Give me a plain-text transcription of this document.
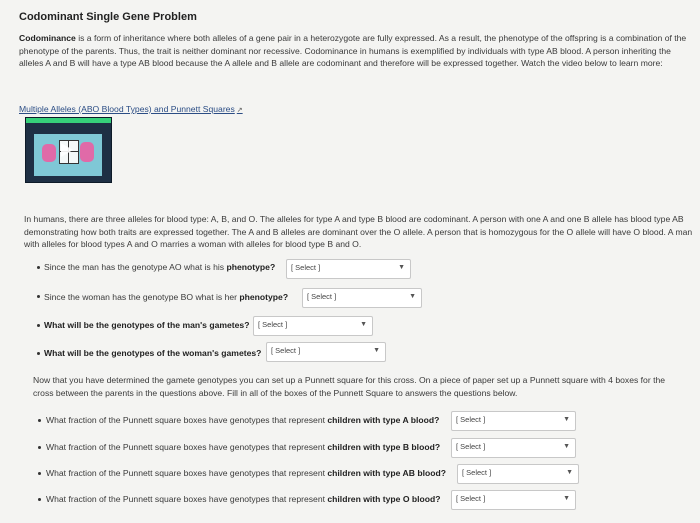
Codominant Single Gene Problem
Codominance is a form of inheritance where both alleles of a gene pair in a heterozygote are fully expressed. As a result, the phenotype of the offspring is a combination of the phenotype of the parents. Thus, the trait is neither dominant nor recessive. Codominance in humans is exemplified by individuals with type AB blood. A person inheriting the alleles A and B will have a type AB blood because the A allele and B allele are codominant and therefore will be expressed together. Watch the video below to learn more:
Multiple Alleles (ABO Blood Types) and Punnett Squares ↗
In humans, there are three alleles for blood type: A, B, and O. The alleles for type A and type B blood are codominant. A person with one A and one B allele has blood type AB demonstrating how both traits are expressed together. The A and B alleles are dominant over the O allele. A person that is homozygous for the O allele will have O blood. A man with alleles for blood types A and O marries a woman with alleles for blood type B and O.
Since the man has the genotype AO what is his phenotype? [ Select ]	▼
Since the woman has the genotype BO what is her phenotype?	[ Select ]	▼
What will be the genotypes of the man's gametes? [ Select ]	▼
What will be the genotypes of the woman's gametes? [ Select ]	▼
Now that you have determined the gamete genotypes you can set up a Punnett square for this cross. On a piece of paper set up a Punnett square with 4 boxes for the cross between the parents in the questions above. Fill in all of the boxes of the Punnett Square to answers the questions below.
What fraction of the Punnett square boxes have genotypes that represent children with type A blood? [ Select ]	▼
What fraction of the Punnett square boxes have genotypes that represent children with type B blood? [ Select ]	▼
What fraction of the Punnett square boxes have genotypes that represent children with type AB blood? [ Select ]	▼
What fraction of the Punnett square boxes have genotypes that represent children with type O blood? [ Select ]	▼
